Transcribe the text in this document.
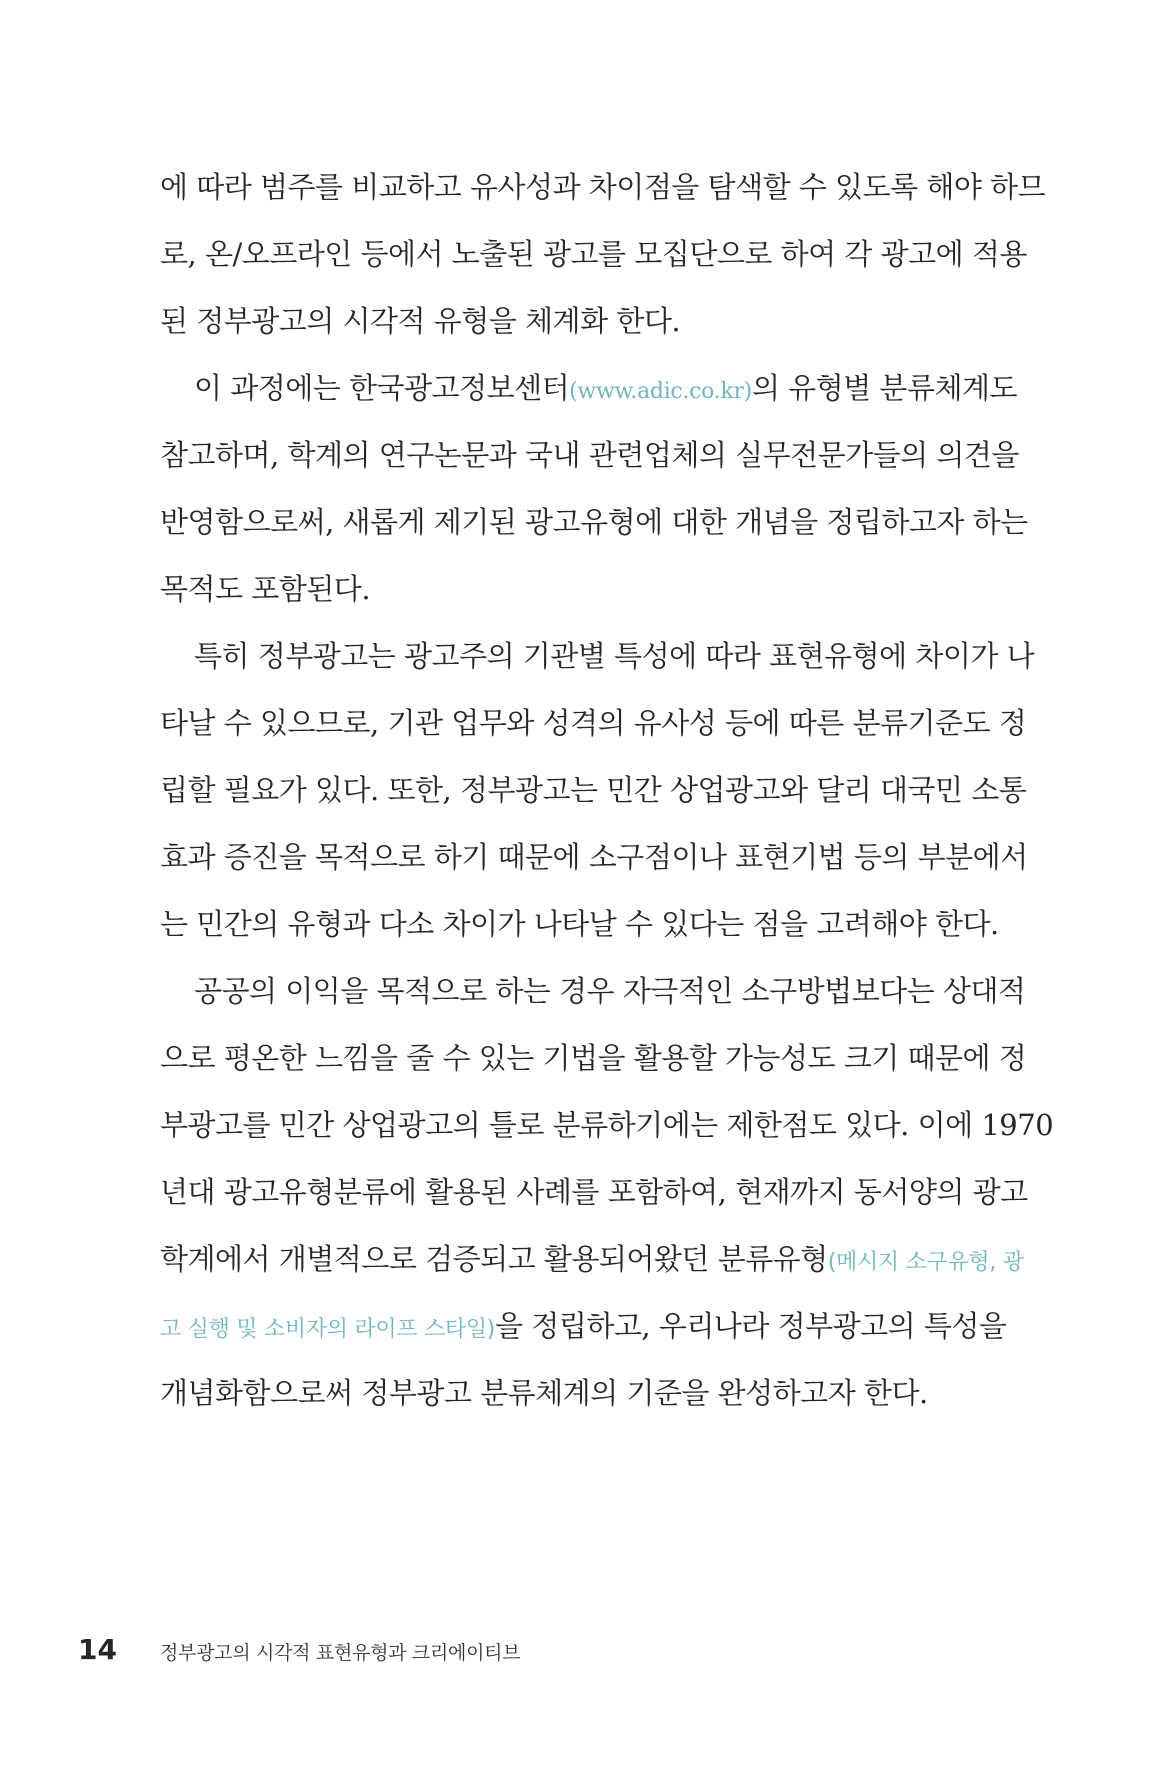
에 따라 범주를 비교하고 유사성과 차이점을 탐색할 수 있도록 해야 하므
로, 온/오프라인 등에서 노출된 광고를 모집단으로 하여 각 광고에 적용
된 정부광고의 시각적 유형을 체계화 한다.
이 과정에는 한국광고정보센터(www.adic.co.kr)의 유형별 분류체계도
참고하며, 학계의 연구논문과 국내 관련업체의 실무전문가들의 의견을
반영함으로써, 새롭게 제기된 광고유형에 대한 개념을 정립하고자 하는
목적도 포함된다.
특히 정부광고는 광고주의 기관별 특성에 따라 표현유형에 차이가 나
타날 수 있으므로, 기관 업무와 성격의 유사성 등에 따른 분류기준도 정
립할 필요가 있다. 또한, 정부광고는 민간 상업광고와 달리 대국민 소통
효과 증진을 목적으로 하기 때문에 소구점이나 표현기법 등의 부분에서
는 민간의 유형과 다소 차이가 나타날 수 있다는 점을 고려해야 한다.
공공의 이익을 목적으로 하는 경우 자극적인 소구방법보다는 상대적
으로 평온한 느낌을 줄 수 있는 기법을 활용할 가능성도 크기 때문에 정
부광고를 민간 상업광고의 틀로 분류하기에는 제한점도 있다. 이에 1970
년대 광고유형분류에 활용된 사례를 포함하여, 현재까지 동서양의 광고
학계에서 개별적으로 검증되고 활용되어왔던 분류유형(메시지 소구유형, 광
고 실행 및 소비자의 라이프 스타일)을 정립하고, 우리나라 정부광고의 특성을
개념화함으로써 정부광고 분류체계의 기준을 완성하고자 한다.
14 정부광고의 시각적 표현유형과 크리에이티브
